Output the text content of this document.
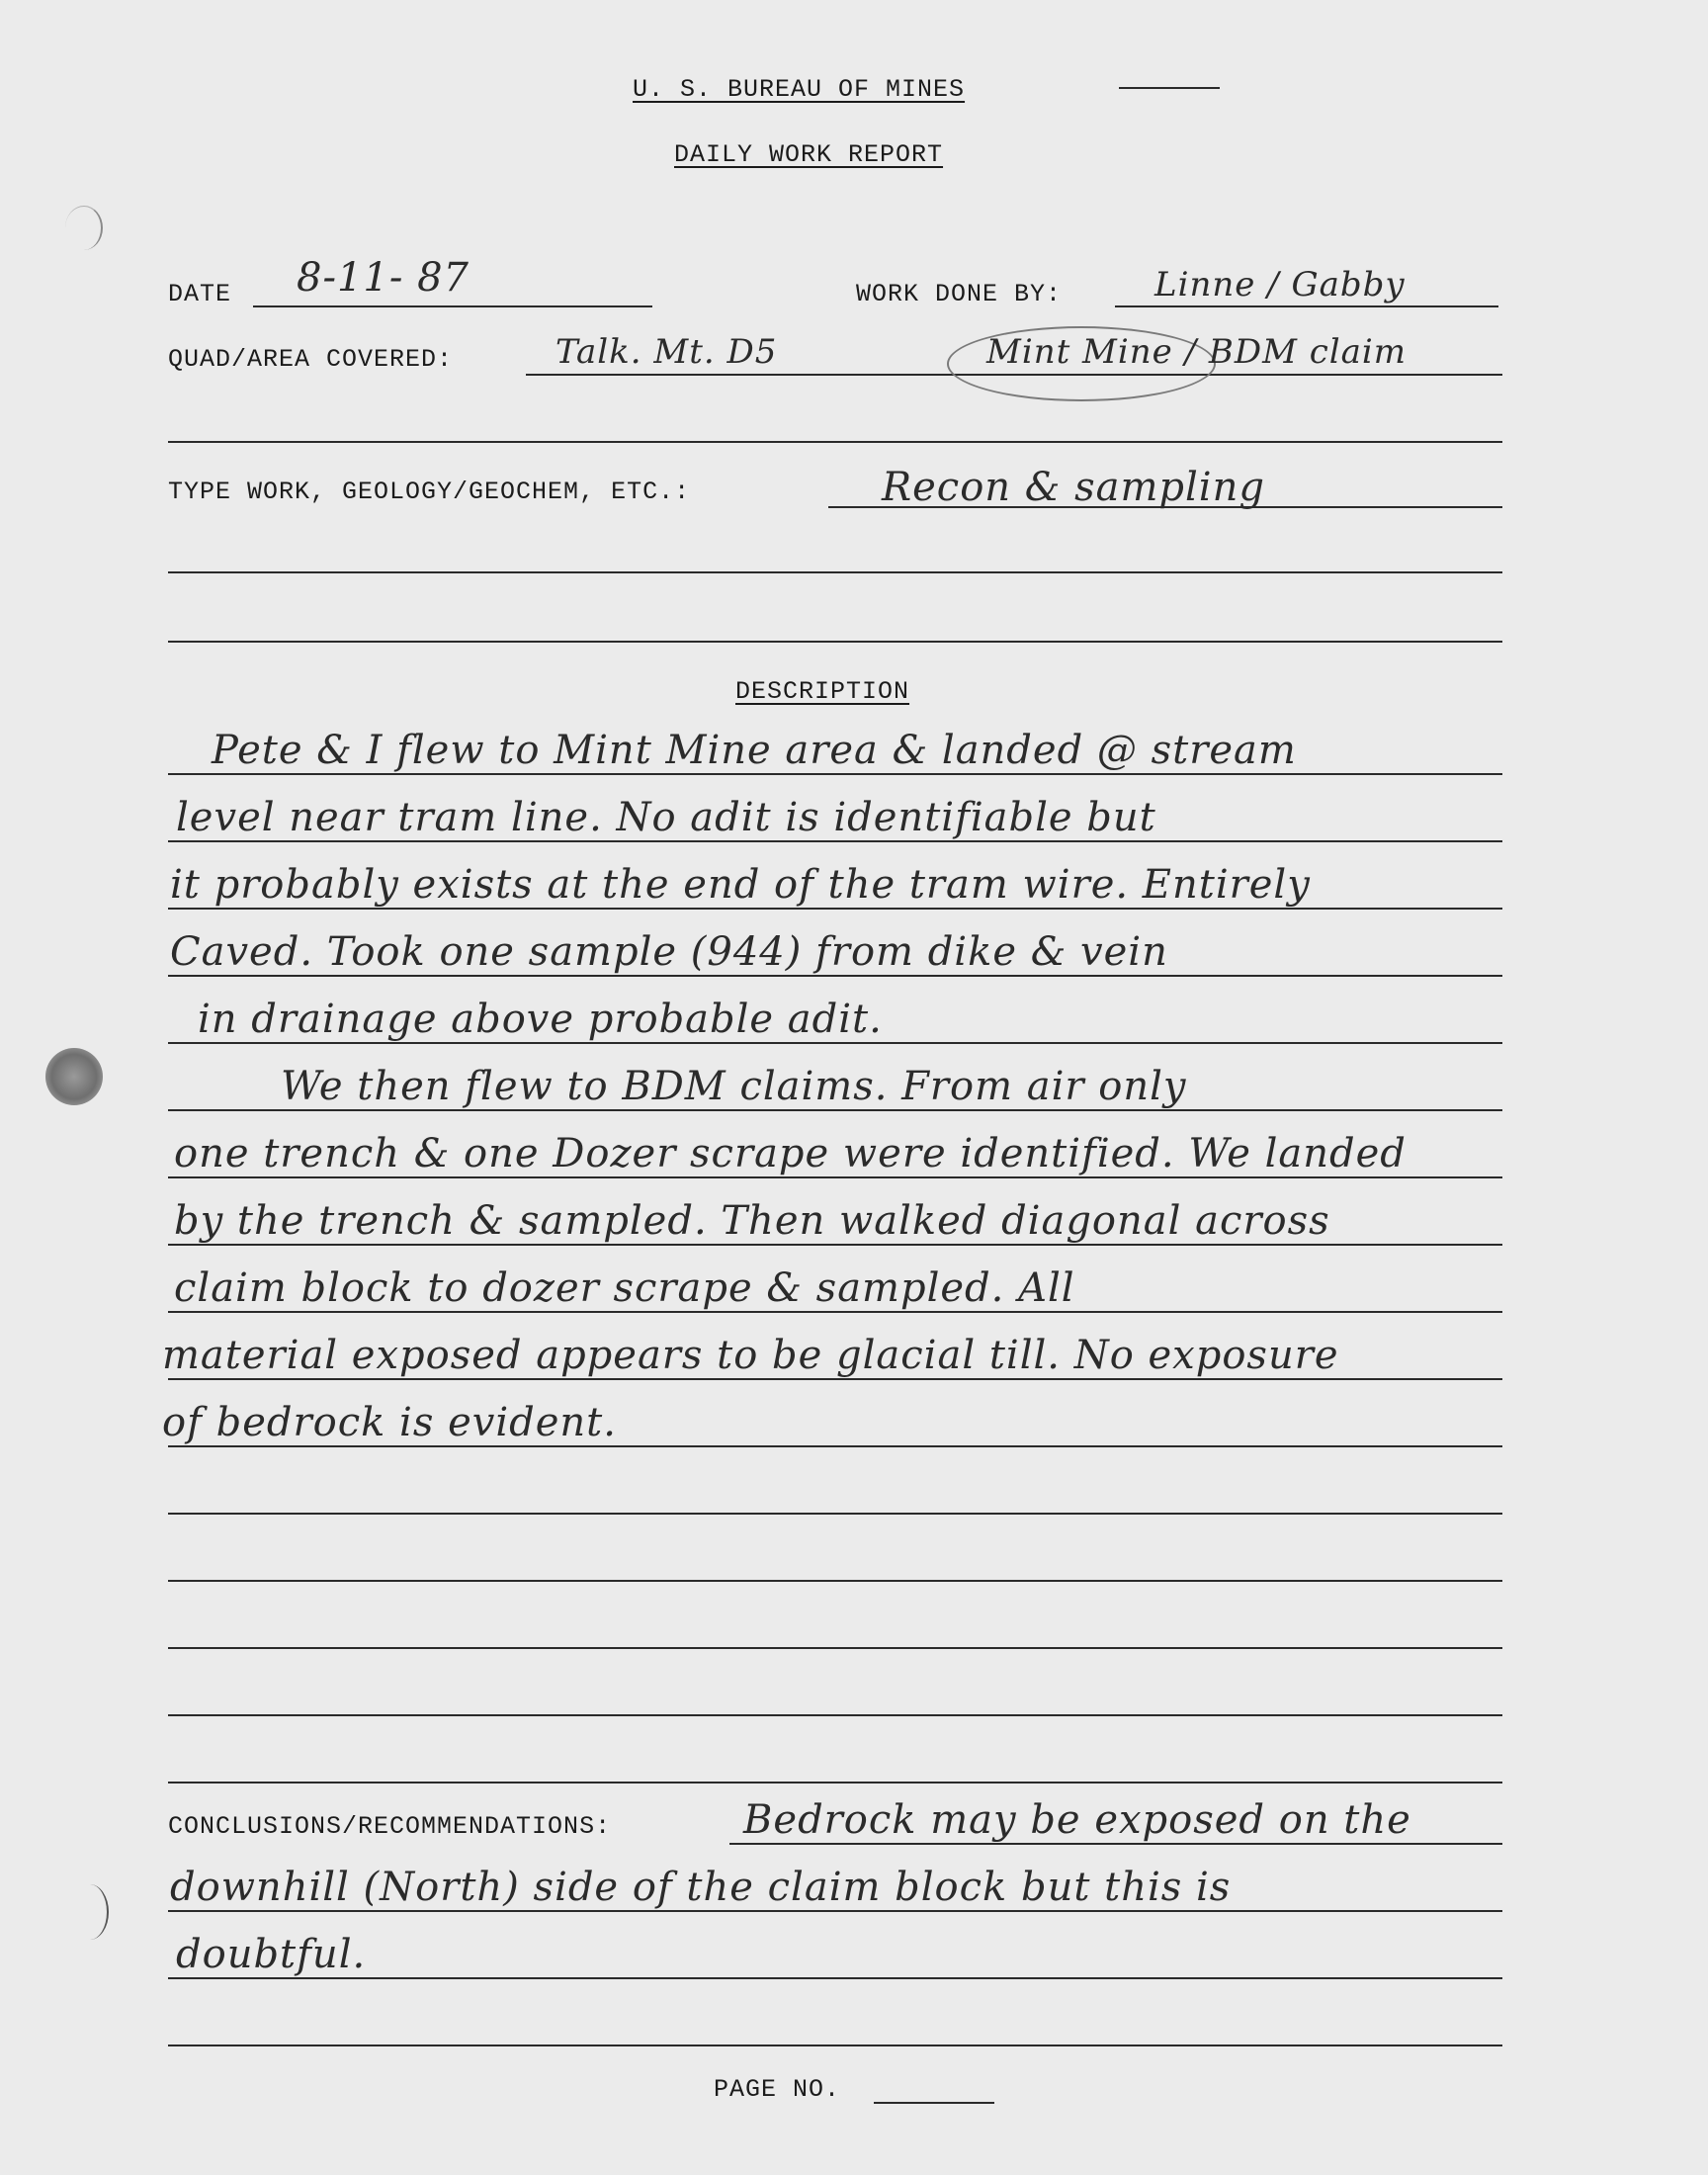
U. S. BUREAU OF MINES
DAILY WORK REPORT
DATE 8-11- 87	WORK DONE BY:	Linne / Gabby
QUAD/AREA COVERED:	Talk. Mt. D5	Mint Mine / BDM claim
TYPE WORK, GEOLOGY/GEOCHEM, ETC.:	Recon & sampling
DESCRIPTION
Pete & I flew to Mint Mine area & landed @ stream
level near tram line. No adit is identifiable but
it probably exists at the end of the tram wire. Entirely
Caved. Took one sample (944) from dike & vein
in drainage above probable adit.
We then flew to BDM claims. From air only
one trench & one Dozer scrape were identified. We landed
by the trench & sampled. Then walked diagonal across
claim block to dozer scrape & sampled. All
material exposed appears to be glacial till. No exposure
of bedrock is evident.
CONCLUSIONS/RECOMMENDATIONS:	Bedrock may be exposed on the
downhill (North) side of the claim block but this is
doubtful.
PAGE NO.
